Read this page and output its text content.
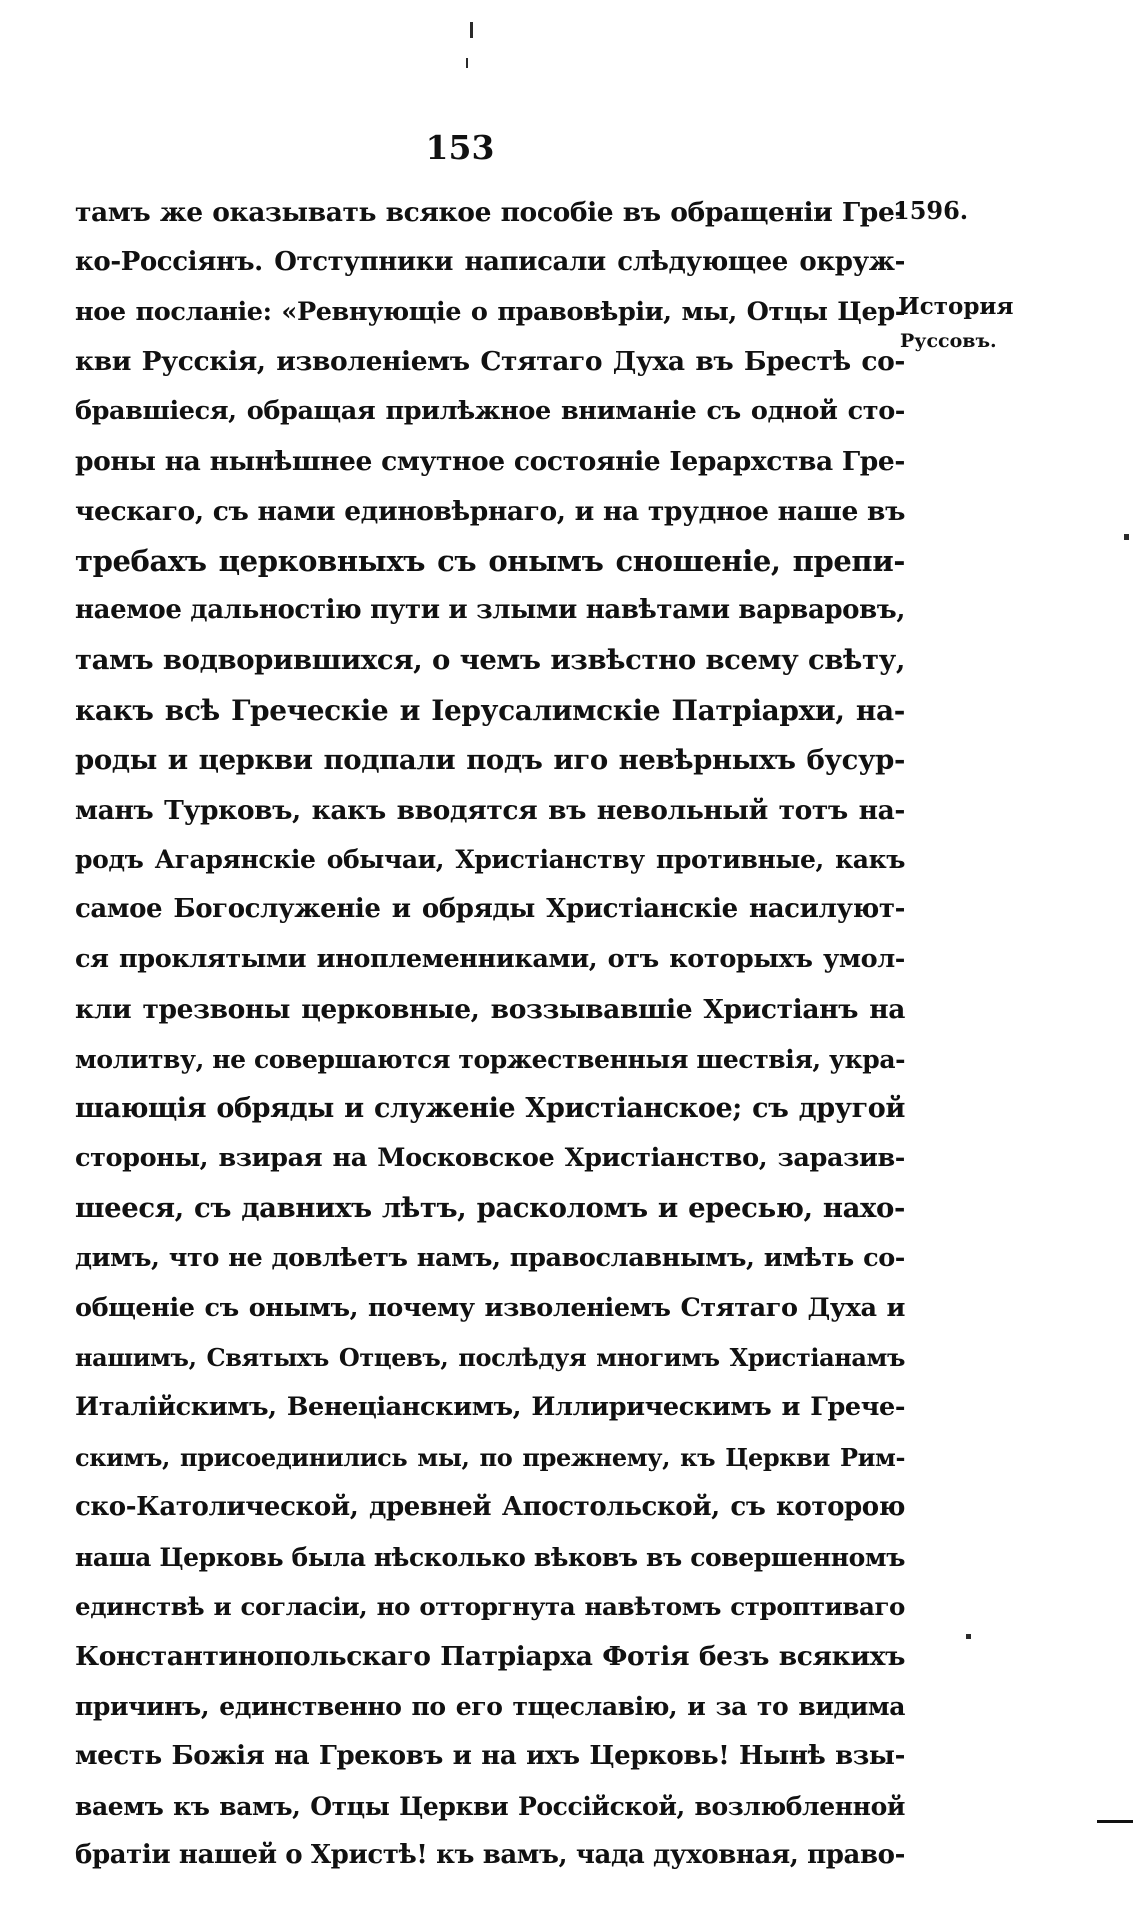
153
1596.
История
Руссовъ.
тамъ же оказывать всякое пособіе въ обращеніи Гре-
ко-Россіянъ. Отступники написали слѣдующее окруж-
ное посланіе: «Ревнующіе о правовѣріи, мы, Отцы Цер-
кви Русскія, изволеніемъ Стятаго Духа въ Брестѣ со-
бравшіеся, обращая прилѣжное вниманіе съ одной сто-
роны на нынѣшнее смутное состояніе Іерархства Гре-
ческаго, съ нами единовѣрнаго, и на трудное наше въ
требахъ церковныхъ съ онымъ сношеніе, препи-
наемое дальностію пути и злыми навѣтами варваровъ,
тамъ водворившихся, о чемъ извѣстно всему свѣту,
какъ всѣ Греческіе и Іерусалимскіе Патріархи, на-
роды и церкви подпали подъ иго невѣрныхъ бусур-
манъ Турковъ, какъ вводятся въ невольный тотъ на-
родъ Агарянскіе обычаи, Христіанству противные, какъ
самое Богослуженіе и обряды Христіанскіе насилуют-
ся проклятыми иноплеменниками, отъ которыхъ умол-
кли трезвоны церковные, воззывавшіе Христіанъ на
молитву, не совершаются торжественныя шествія, укра-
шающія обряды и служеніе Христіанское; съ другой
стороны, взирая на Московское Христіанство, заразив-
шееся, съ давнихъ лѣтъ, расколомъ и ересью, нахо-
димъ, что не довлѣетъ намъ, православнымъ, имѣть со-
общеніе съ онымъ, почему изволеніемъ Стятаго Духа и
нашимъ, Святыхъ Отцевъ, послѣдуя многимъ Христіанамъ
Италійскимъ, Венеціанскимъ, Иллирическимъ и Грече-
скимъ, присоединились мы, по прежнему, къ Церкви Рим-
ско-Католической, древней Апостольской, съ которою
наша Церковь была нѣсколько вѣковъ въ совершенномъ
единствѣ и согласіи, но отторгнута навѣтомъ строптиваго
Константинопольскаго Патріарха Фотія безъ всякихъ
причинъ, единственно по его тщеславію, и за то видима
месть Божія на Грековъ и на ихъ Церковь! Нынѣ взы-
ваемъ къ вамъ, Отцы Церкви Россійской, возлюбленной
братіи нашей о Христѣ! къ вамъ, чада духовная, право-
